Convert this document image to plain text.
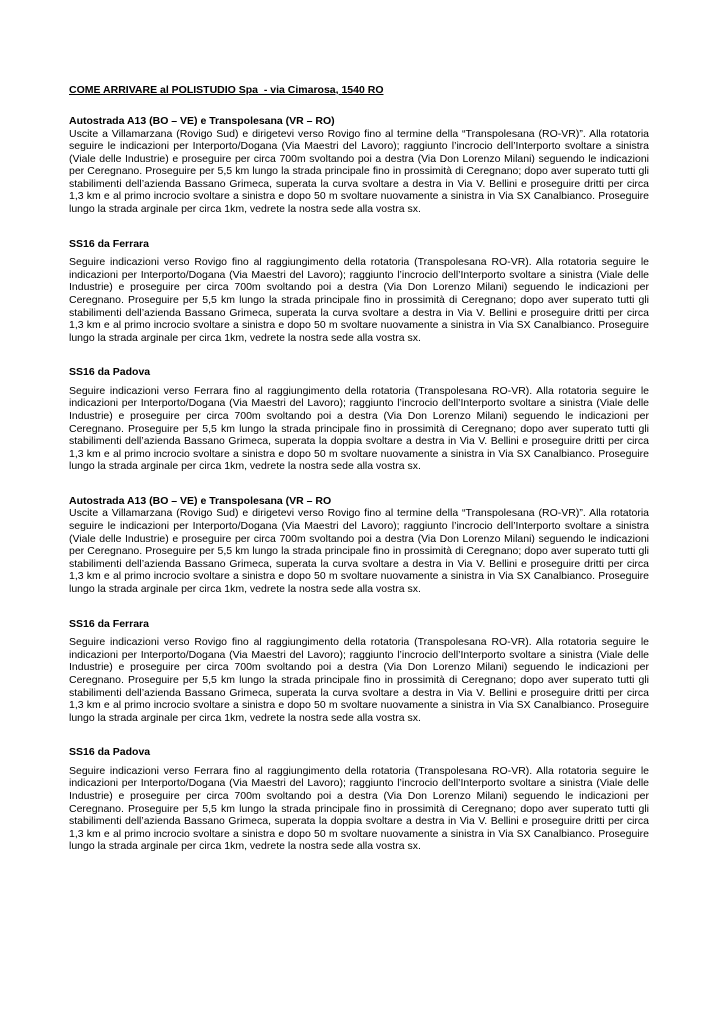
COME ARRIVARE al POLISTUDIO Spa  - via Cimarosa, 1540 RO

Autostrada A13 (BO – VE) e Transpolesana (VR – RO)

Uscite a Villamarzana (Rovigo Sud) e dirigetevi verso Rovigo fino al termine della “Transpolesana (RO-VR)”. Alla rotatoria seguire le indicazioni per Interporto/Dogana (Via Maestri del Lavoro); raggiunto l’incrocio dell’Interporto svoltare a sinistra (Viale delle Industrie) e proseguire per circa 700m svoltando poi a destra (Via Don Lorenzo Milani) seguendo le indicazioni per Ceregnano. Proseguire per 5,5 km lungo la strada principale fino in prossimità di Ceregnano; dopo aver superato tutti gli stabilimenti dell’azienda Bassano Grimeca, superata la curva svoltare a destra in Via V. Bellini e proseguire dritti per circa 1,3 km e al primo incrocio svoltare a sinistra e dopo 50 m svoltare nuovamente a sinistra in Via SX Canalbianco. Proseguire lungo la strada arginale per circa 1km, vedrete la nostra sede alla vostra sx.

SS16 da Ferrara

Seguire indicazioni verso Rovigo fino al raggiungimento della rotatoria (Transpolesana RO-VR). Alla rotatoria seguire le indicazioni per Interporto/Dogana (Via Maestri del Lavoro); raggiunto l’incrocio dell’Interporto svoltare a sinistra (Viale delle Industrie) e proseguire per circa 700m svoltando poi a destra (Via Don Lorenzo Milani) seguendo le indicazioni per Ceregnano. Proseguire per 5,5 km lungo la strada principale fino in prossimità di Ceregnano; dopo aver superato tutti gli stabilimenti dell’azienda Bassano Grimeca, superata la curva svoltare a destra in Via V. Bellini e proseguire dritti per circa 1,3 km e al primo incrocio svoltare a sinistra e dopo 50 m svoltare nuovamente a sinistra in Via SX Canalbianco. Proseguire lungo la strada arginale per circa 1km, vedrete la nostra sede alla vostra sx.

SS16 da Padova

Seguire indicazioni verso Ferrara fino al raggiungimento della rotatoria (Transpolesana RO-VR). Alla rotatoria seguire le indicazioni per Interporto/Dogana (Via Maestri del Lavoro); raggiunto l’incrocio dell’Interporto svoltare a sinistra (Viale delle Industrie) e proseguire per circa 700m svoltando poi a destra (Via Don Lorenzo Milani) seguendo le indicazioni per Ceregnano. Proseguire per 5,5 km lungo la strada principale fino in prossimità di Ceregnano; dopo aver superato tutti gli stabilimenti dell’azienda Bassano Grimeca, superata la doppia svoltare a destra in Via V. Bellini e proseguire dritti per circa 1,3 km e al primo incrocio svoltare a sinistra e dopo 50 m svoltare nuovamente a sinistra in Via SX Canalbianco. Proseguire lungo la strada arginale per circa 1km, vedrete la nostra sede alla vostra sx.

Autostrada A13 (BO – VE) e Transpolesana (VR – RO

Uscite a Villamarzana (Rovigo Sud) e dirigetevi verso Rovigo fino al termine della “Transpolesana (RO-VR)”. Alla rotatoria seguire le indicazioni per Interporto/Dogana (Via Maestri del Lavoro); raggiunto l’incrocio dell’Interporto svoltare a sinistra (Viale delle Industrie) e proseguire per circa 700m svoltando poi a destra (Via Don Lorenzo Milani) seguendo le indicazioni per Ceregnano. Proseguire per 5,5 km lungo la strada principale fino in prossimità di Ceregnano; dopo aver superato tutti gli stabilimenti dell’azienda Bassano Grimeca, superata la curva svoltare a destra in Via V. Bellini e proseguire dritti per circa 1,3 km e al primo incrocio svoltare a sinistra e dopo 50 m svoltare nuovamente a sinistra in Via SX Canalbianco. Proseguire lungo la strada arginale per circa 1km, vedrete la nostra sede alla vostra sx.

SS16 da Ferrara

Seguire indicazioni verso Rovigo fino al raggiungimento della rotatoria (Transpolesana RO-VR). Alla rotatoria seguire le indicazioni per Interporto/Dogana (Via Maestri del Lavoro); raggiunto l’incrocio dell’Interporto svoltare a sinistra (Viale delle Industrie) e proseguire per circa 700m svoltando poi a destra (Via Don Lorenzo Milani) seguendo le indicazioni per Ceregnano. Proseguire per 5,5 km lungo la strada principale fino in prossimità di Ceregnano; dopo aver superato tutti gli stabilimenti dell’azienda Bassano Grimeca, superata la curva svoltare a destra in Via V. Bellini e proseguire dritti per circa 1,3 km e al primo incrocio svoltare a sinistra e dopo 50 m svoltare nuovamente a sinistra in Via SX Canalbianco. Proseguire lungo la strada arginale per circa 1km, vedrete la nostra sede alla vostra sx.

SS16 da Padova

Seguire indicazioni verso Ferrara fino al raggiungimento della rotatoria (Transpolesana RO-VR). Alla rotatoria seguire le indicazioni per Interporto/Dogana (Via Maestri del Lavoro); raggiunto l’incrocio dell’Interporto svoltare a sinistra (Viale delle Industrie) e proseguire per circa 700m svoltando poi a destra (Via Don Lorenzo Milani) seguendo le indicazioni per Ceregnano. Proseguire per 5,5 km lungo la strada principale fino in prossimità di Ceregnano; dopo aver superato tutti gli stabilimenti dell’azienda Bassano Grimeca, superata la doppia svoltare a destra in Via V. Bellini e proseguire dritti per circa 1,3 km e al primo incrocio svoltare a sinistra e dopo 50 m svoltare nuovamente a sinistra in Via SX Canalbianco. Proseguire lungo la strada arginale per circa 1km, vedrete la nostra sede alla vostra sx.
